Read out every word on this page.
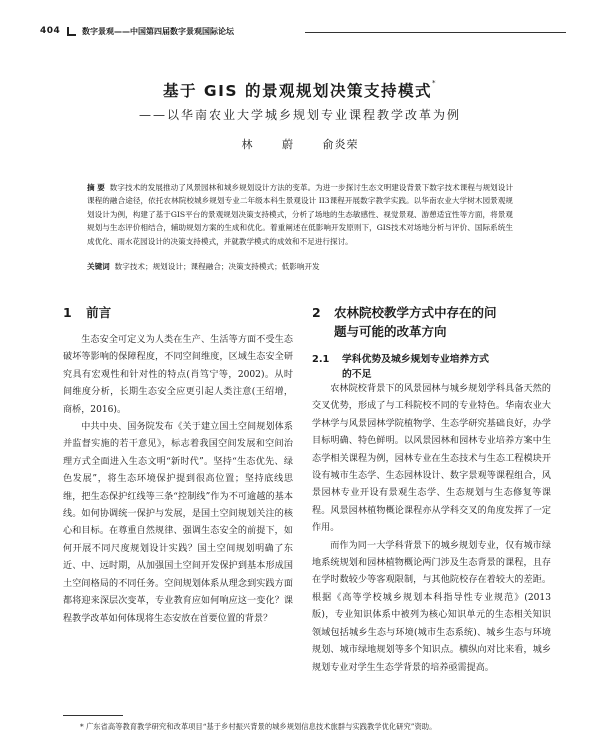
404	数字景观——中国第四届数字景观国际论坛
基于 GIS 的景观规划决策支持模式*
——以华南农业大学城乡规划专业课程教学改革为例
林 蔚 俞炎荣
摘 要 数字技术的发展推动了风景园林和城乡规划设计方法的变革。为进一步探讨生态文明建设背景下数字技术课程与规划设计课程的融合途径，依托农林院校城乡规划专业二年级本科生景观设计 II3课程开展数字教学实践。以华南农业大学树木园景观规划设计为例，构建了基于GIS平台的景观规划决策支持模式，分析了场地的生态敏感性、视觉景观、游憩适宜性等方面，将景观规划与生态评价相结合，辅助规划方案的生成和优化。着重阐述在低影响开发原则下，GIS技术对场地分析与评价、国际系统生成优化、雨水花园设计的决策支持模式，并就教学模式的成效和不足进行探讨。
关键词 数字技术；规划设计；课程融合；决策支持模式；低影响开发
1 前言

生态安全可定义为人类在生产、生活等方面不受生态破坏等影响的保障程度，不同空间维度，区域生态安全研究具有宏观性和针对性的特点(肖笃宁等，2002)。从时间维度分析，长期生态安全应更引起人类注意(王绍增，商桥，2016)。

中共中央、国务院发布《关于建立国土空间规划体系并监督实施的若干意见》，标志着我国空间发展和空间治理方式全面进入生态文明“新时代”。坚持“生态优先、绿色发展”，将生态环境保护提到很高位置；坚持底线思维，把生态保护红线等三条“控制线”作为不可逾越的基本线。如何协调统一保护与发展，是国土空间规划关注的核心和目标。在尊重自然规律、强调生态安全的前提下，如何开展不同尺度规划设计实践？国土空间规划明确了东近、中、远时期，从加强国土空间开发保护到基本形成国土空间格局的不同任务。空间规划体系从理念到实践方面都将迎来深层次变革，专业教育应如何响应这一变化？课程教学改革如何体现将生态安放在首要位置的背景？

2 农林院校教学方式中存在的问
题与可能的改革方向
2.1 学科优势及城乡规划专业培养方式
的不足

农林院校背景下的风景园林与城乡规划学科具备天然的交叉优势，形成了与工科院校不同的专业特色。华南农业大学林学与风景园林学院植物学、生态学研究基础良好，办学目标明确、特色鲜明。以风景园林和园林专业培养方案中生态学相关课程为例，园林专业在生态技术与生态工程模块开设有城市生态学、生态园林设计、数字景观等课程组合，风景园林专业开设有景观生态学、生态规划与生态修复等课程。风景园林植物概论课程亦从学科交叉的角度发挥了一定作用。

而作为同一大学科背景下的城乡规划专业，仅有城市绿地系统规划和园林植物概论两门涉及生态背景的课程，且存在学时数较少等客观限制，与其他院校存在着较大的差距。根据《高等学校城乡规划本科指导性专业规范》(2013 版)，专业知识体系中被列为核心知识单元的生态相关知识领域包括城乡生态与环境(城市生态系统)、城乡生态与环境规划、城市绿地规划等多个知识点。横纵向对比来看，城乡规划专业对学生生态学背景的培养亟需提高。

* 广东省高等教育教学研究和改革项目“基于乡村振兴背景的城乡规划信息技术旅群与实践教学优化研究”资助。
